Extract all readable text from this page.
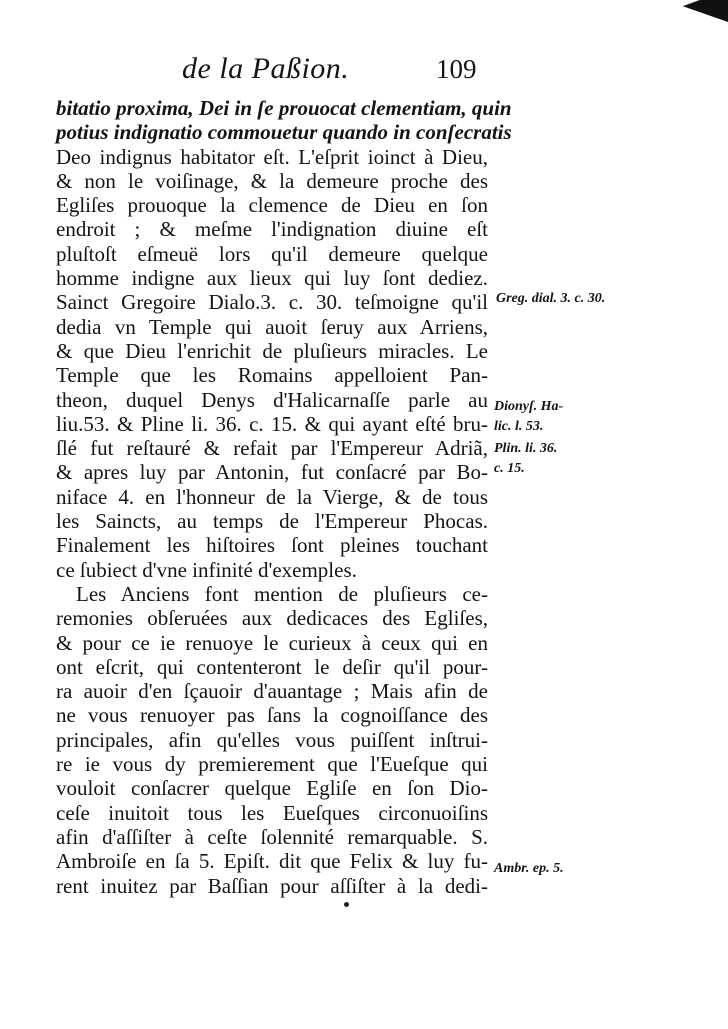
de la Paßion.	109
bitatio proxima, Dei in ſe prouocat clementiam, quin
potius indignatio commouetur quando in conſecratis
Deo indignus habitator eſt. L'eſprit ioinct à Dieu,
& non le voiſinage, & la demeure proche des
Egliſes prouoque la clemence de Dieu en ſon
endroit ; & meſme l'indignation diuine eſt
pluſtoſt eſmeuë lors qu'il demeure quelque
homme indigne aux lieux qui luy ſont dediez.
Sainct Gregoire Dialo.3. c. 30. teſmoigne qu'il
dedia vn Temple qui auoit ſeruy aux Arriens,
& que Dieu l'enrichit de pluſieurs miracles. Le
Temple que les Romains appelloient Pan-
theon, duquel Denys d'Halicarnaſſe parle au
liu.53. & Pline li. 36. c. 15. & qui ayant eſté bru-
ſlé fut reſtauré & refait par l'Empereur Adriã,
& apres luy par Antonin, fut conſacré par Bo-
niface 4. en l'honneur de la Vierge, & de tous
les Saincts, au temps de l'Empereur Phocas.
Finalement les hiſtoires ſont pleines touchant
ce ſubiect d'vne infinité d'exemples.
Les Anciens font mention de pluſieurs ce-
remonies obſeruées aux dedicaces des Egliſes,
& pour ce ie renuoye le curieux à ceux qui en
ont eſcrit, qui contenteront le deſir qu'il pour-
ra auoir d'en ſçauoir d'auantage ; Mais afin de
ne vous renuoyer pas ſans la cognoiſſance des
principales, afin qu'elles vous puiſſent inſtrui-
re ie vous dy premierement que l'Eueſque qui
vouloit conſacrer quelque Egliſe en ſon Dio-
ceſe inuitoit tous les Eueſques circonuoiſins
afin d'aſſiſter à ceſte ſolennité remarquable. S.
Ambroiſe en ſa 5. Epiſt. dit que Felix & luy fu-
rent inuitez par Baſſian pour aſſiſter à la dedi-
Greg. dial. 3. c. 30.
Dionyſ. Ha-
lic. l. 53.
Plin. li. 36.
c. 15.
Ambr. ep. 5.
